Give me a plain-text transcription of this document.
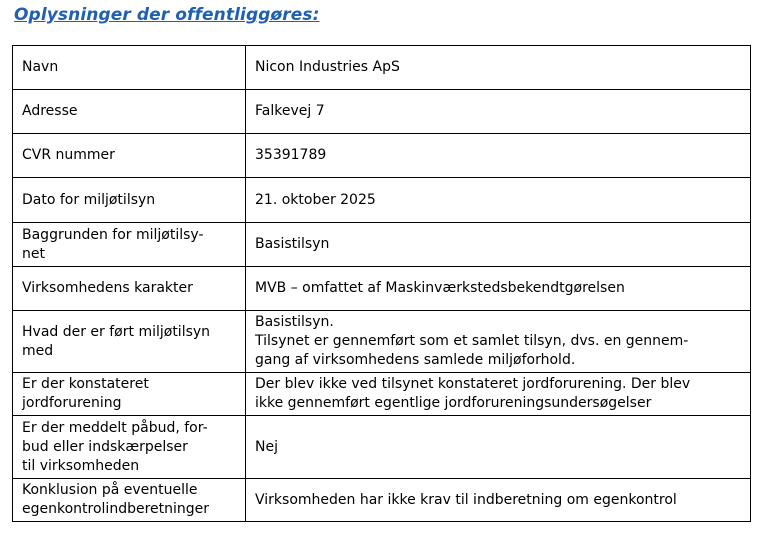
Oplysninger der offentliggøres:
Navn	Nicon Industries ApS

Adresse	Falkevej 7

CVR nummer	35391789

Dato for miljøtilsyn	21. oktober 2025

Baggrunden for miljøtilsy-
net	Basistilsyn

Virksomhedens karakter	MVB – omfattet af Maskinværkstedsbekendtgørelsen

Hvad der er ført miljøtilsyn
med	Basistilsyn.
Tilsynet er gennemført som et samlet tilsyn, dvs. en gennem-
gang af virksomhedens samlede miljøforhold.

Er der konstateret
jordforurening	Der blev ikke ved tilsynet konstateret jordforurening. Der blev
ikke gennemført egentlige jordforureningsundersøgelser

Er der meddelt påbud, for-
bud eller indskærpelser
til virksomheden	Nej

Konklusion på eventuelle
egenkontrolindberetninger	Virksomheden har ikke krav til indberetning om egenkontrol
